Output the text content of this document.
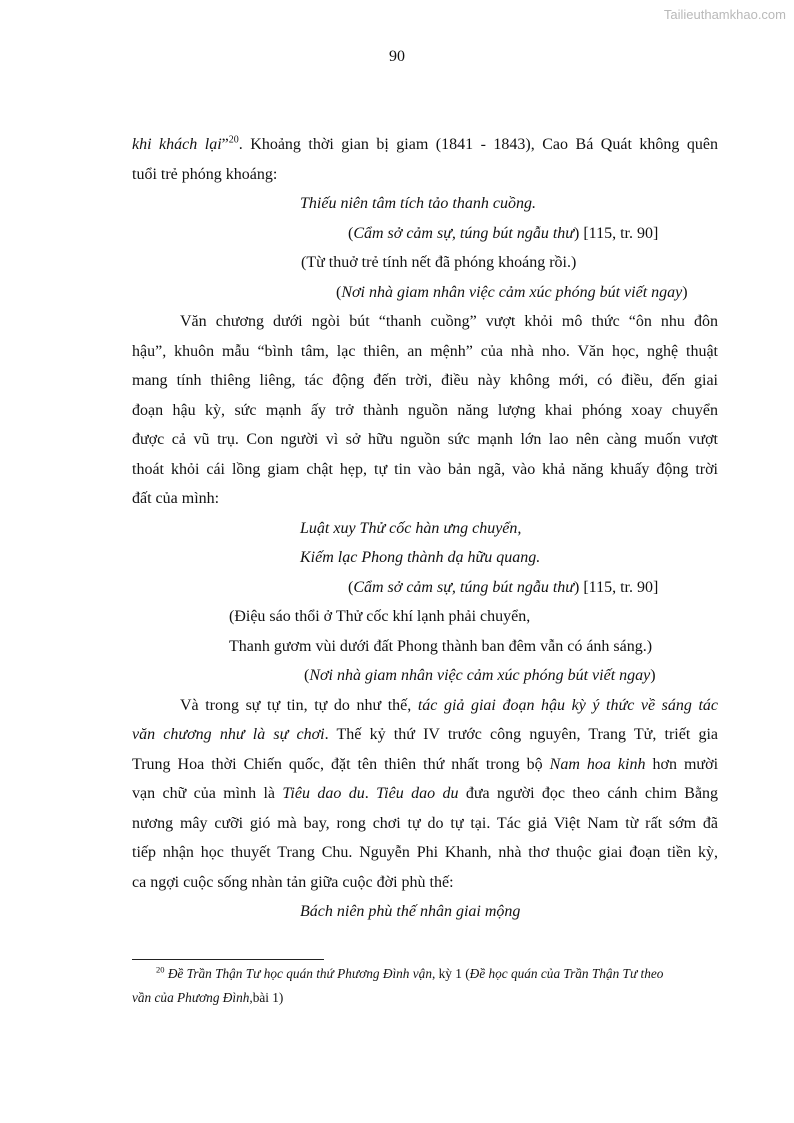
Tailieuthamkhao.com
90
khi khách lại”$^{20}$. Khoảng thời gian bị giam (1841 - 1843), Cao Bá Quát không quên
tuổi trẻ phóng khoáng:
Thiếu niên tâm tích tảo thanh cuồng.
(Cẩm sở cảm sự, túng bút ngẫu thư) [115, tr. 90]
(Từ thuở trẻ tính nết đã phóng khoáng rồi.)
(Nơi nhà giam nhân việc cảm xúc phóng bút viết ngay)
Văn chương dưới ngòi bút “thanh cuồng” vượt khỏi mô thức “ôn nhu đôn
hậu”, khuôn mẫu “bình tâm, lạc thiên, an mệnh” của nhà nho. Văn học, nghệ thuật
mang tính thiêng liêng, tác động đến trời, điều này không mới, có điều, đến giai
đoạn hậu kỳ, sức mạnh ấy trở thành nguồn năng lượng khai phóng xoay chuyển
được cả vũ trụ. Con người vì sở hữu nguồn sức mạnh lớn lao nên càng muốn vượt
thoát khỏi cái lồng giam chật hẹp, tự tin vào bản ngã, vào khả năng khuấy động trời
đất của mình:
Luật xuy Thử cốc hàn ưng chuyển,
Kiếm lạc Phong thành dạ hữu quang.
(Cẩm sở cảm sự, túng bút ngẫu thư) [115, tr. 90]
(Điệu sáo thổi ở Thử cốc khí lạnh phải chuyển,
Thanh gươm vùi dưới đất Phong thành ban đêm vẫn có ánh sáng.)
(Nơi nhà giam nhân việc cảm xúc phóng bút viết ngay)
Và trong sự tự tin, tự do như thế, tác giả giai đoạn hậu kỳ ý thức về sáng tác
văn chương như là sự chơi. Thế kỷ thứ IV trước công nguyên, Trang Tử, triết gia
Trung Hoa thời Chiến quốc, đặt tên thiên thứ nhất trong bộ Nam hoa kinh hơn mười
vạn chữ của mình là Tiêu dao du. Tiêu dao du đưa người đọc theo cánh chim Bằng
nương mây cưỡi gió mà bay, rong chơi tự do tự tại. Tác giả Việt Nam từ rất sớm đã
tiếp nhận học thuyết Trang Chu. Nguyễn Phi Khanh, nhà thơ thuộc giai đoạn tiền kỳ,
ca ngợi cuộc sống nhàn tản giữa cuộc đời phù thế:
Bách niên phù thế nhân giai mộng
$^{20}$ Đề Trần Thận Tư học quán thứ Phương Đình vận, kỳ 1 (Đề học quán của Trần Thận Tư theo
vần của Phương Đình,bài 1)
